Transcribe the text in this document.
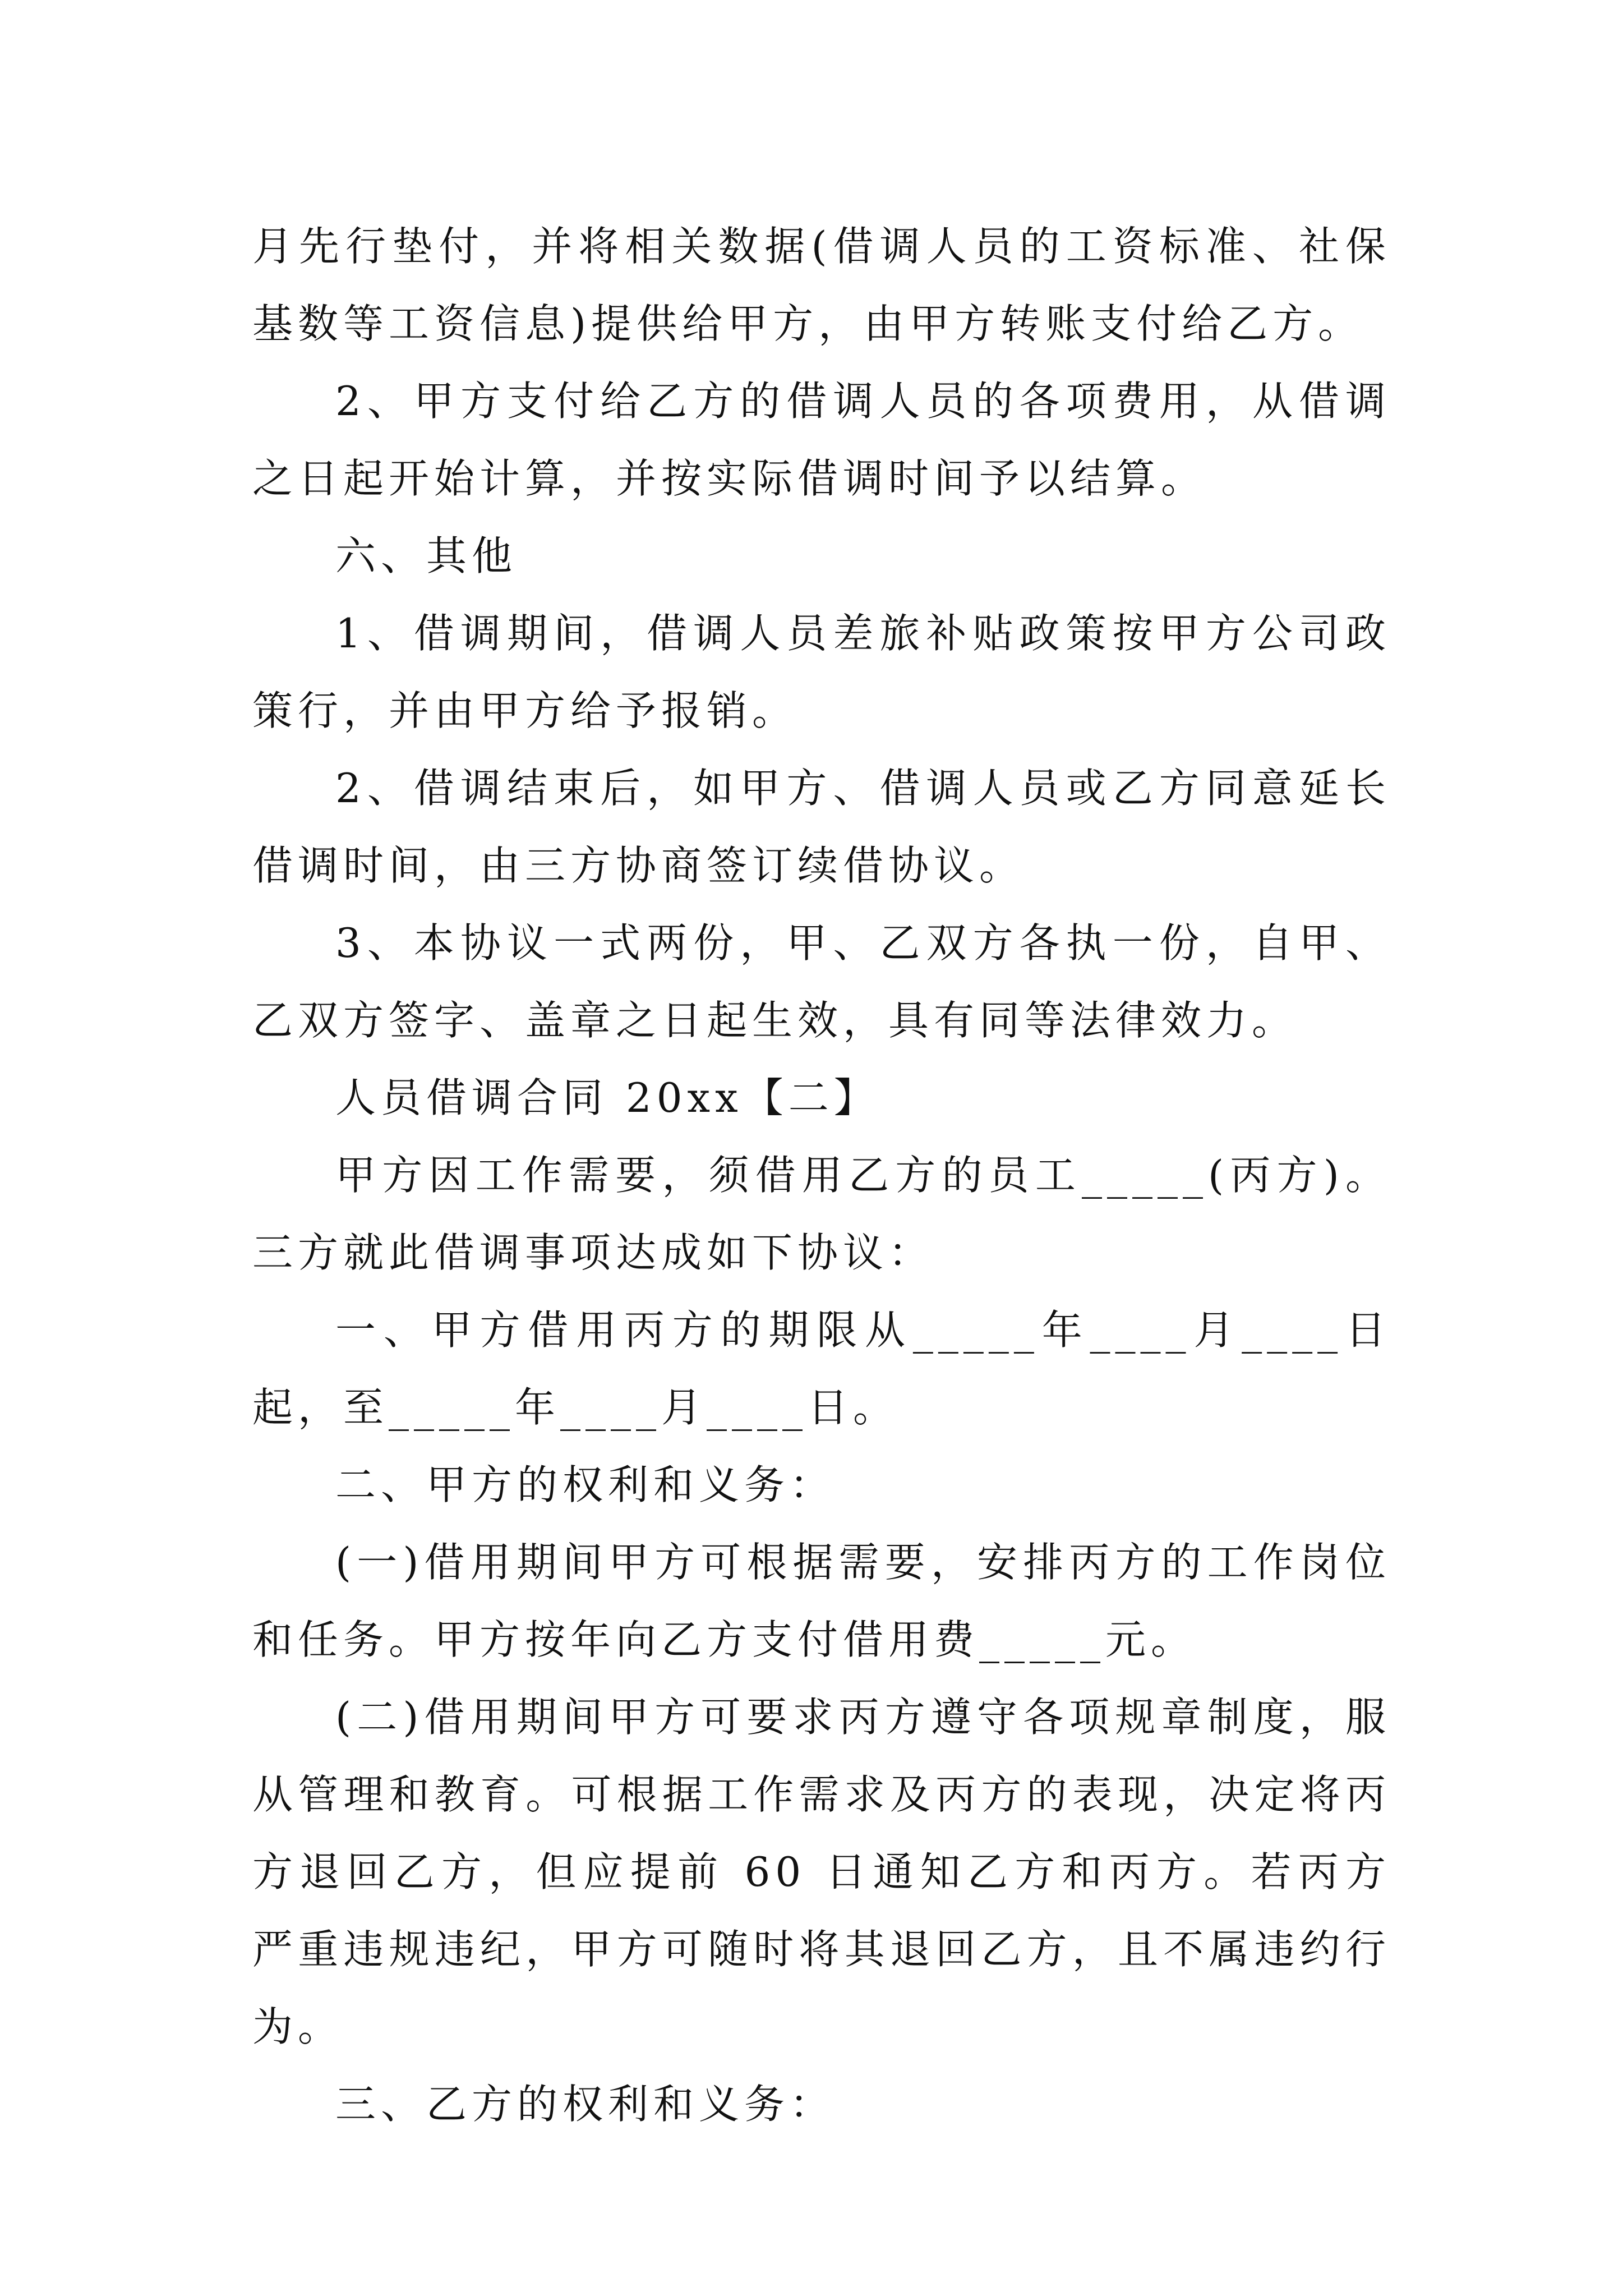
月先行垫付，并将相关数据(借调人员的工资标准、社保基数等工资信息)提供给甲方，由甲方转账支付给乙方。

2、甲方支付给乙方的借调人员的各项费用，从借调之日起开始计算，并按实际借调时间予以结算。

六、其他

1、借调期间，借调人员差旅补贴政策按甲方公司政策行，并由甲方给予报销。

2、借调结束后，如甲方、借调人员或乙方同意延长借调时间，由三方协商签订续借协议。

3、本协议一式两份，甲、乙双方各执一份，自甲、乙双方签字、盖章之日起生效，具有同等法律效力。

人员借调合同 20xx【二】

甲方因工作需要，须借用乙方的员工_____(丙方)。三方就此借调事项达成如下协议：

一、甲方借用丙方的期限从_____年____月____日起，至_____年____月____日。

二、甲方的权利和义务：

(一)借用期间甲方可根据需要，安排丙方的工作岗位和任务。甲方按年向乙方支付借用费_____元。

(二)借用期间甲方可要求丙方遵守各项规章制度，服从管理和教育。可根据工作需求及丙方的表现，决定将丙方退回乙方，但应提前 60 日通知乙方和丙方。若丙方严重违规违纪，甲方可随时将其退回乙方，且不属违约行为。

三、乙方的权利和义务：
